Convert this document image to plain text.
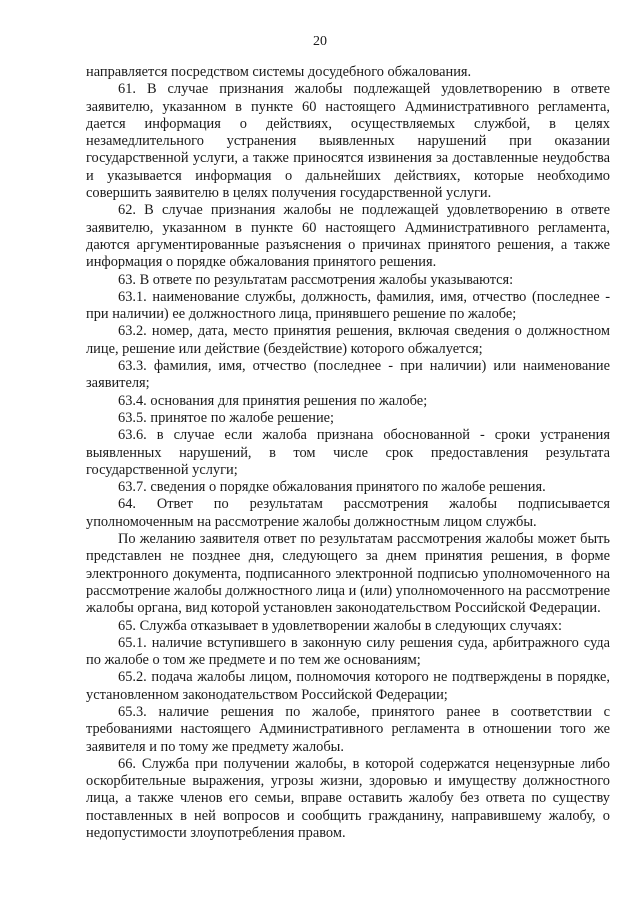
20

направляется посредством системы досудебного обжалования.

61. В случае признания жалобы подлежащей удовлетворению в ответе заявителю, указанном в пункте 60 настоящего Административного регламента, дается информация о действиях, осуществляемых службой, в целях незамедлительного устранения выявленных нарушений при оказании государственной услуги, а также приносятся извинения за доставленные неудобства и указывается информация о дальнейших действиях, которые необходимо совершить заявителю в целях получения государственной услуги.

62. В случае признания жалобы не подлежащей удовлетворению в ответе заявителю, указанном в пункте 60 настоящего Административного регламента, даются аргументированные разъяснения о причинах принятого решения, а также информация о порядке обжалования принятого решения.

63. В ответе по результатам рассмотрения жалобы указываются:

63.1. наименование службы, должность, фамилия, имя, отчество (последнее - при наличии) ее должностного лица, принявшего решение по жалобе;

63.2. номер, дата, место принятия решения, включая сведения о должностном лице, решение или действие (бездействие) которого обжалуется;

63.3. фамилия, имя, отчество (последнее - при наличии) или наименование заявителя;

63.4. основания для принятия решения по жалобе;

63.5. принятое по жалобе решение;

63.6. в случае если жалоба признана обоснованной - сроки устранения выявленных нарушений, в том числе срок предоставления результата государственной услуги;

63.7. сведения о порядке обжалования принятого по жалобе решения.

64. Ответ по результатам рассмотрения жалобы подписывается уполномоченным на рассмотрение жалобы должностным лицом службы.

По желанию заявителя ответ по результатам рассмотрения жалобы может быть представлен не позднее дня, следующего за днем принятия решения, в форме электронного документа, подписанного электронной подписью уполномоченного на рассмотрение жалобы должностного лица и (или) уполномоченного на рассмотрение жалобы органа, вид которой установлен законодательством Российской Федерации.

65. Служба отказывает в удовлетворении жалобы в следующих случаях:

65.1. наличие вступившего в законную силу решения суда, арбитражного суда по жалобе о том же предмете и по тем же основаниям;

65.2. подача жалобы лицом, полномочия которого не подтверждены в порядке, установленном законодательством Российской Федерации;

65.3. наличие решения по жалобе, принятого ранее в соответствии с требованиями настоящего Административного регламента в отношении того же заявителя и по тому же предмету жалобы.

66. Служба при получении жалобы, в которой содержатся нецензурные либо оскорбительные выражения, угрозы жизни, здоровью и имуществу должностного лица, а также членов его семьи, вправе оставить жалобу без ответа по существу поставленных в ней вопросов и сообщить гражданину, направившему жалобу, о недопустимости злоупотребления правом.
